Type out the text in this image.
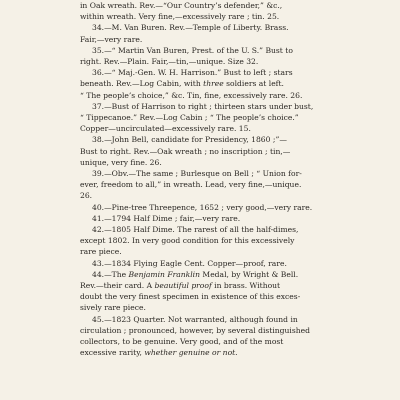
in Oak wreath. Rev.—“Our Country’s defender,” &c.,

within wreath. Very fine,—excessively rare ; tin. 25.

34.—M. Van Buren. Rev.—Temple of Liberty. Brass.

Fair,—very rare.

35.—“ Martin Van Buren, Prest. of the U. S.” Bust to

right. Rev.—Plain. Fair,—tin,—unique. Size 32.

36.—“ Maj.-Gen. W. H. Harrison.” Bust to left ; stars

beneath. Rev.—Log Cabin, with three soldiers at left.

“ The people’s choice,” &c. Tin, fine, excessively rare. 26.

37.—Bust of Harrison to right ; thirteen stars under bust,

“ Tippecanoe.” Rev.—Log Cabin ; “ The people’s choice.”

Copper—uncirculated—excessively rare. 15.

38.—John Bell, candidate for Presidency, 1860 ;”—

Bust to right. Rev.—Oak wreath ; no inscription ; tin,—

unique, very fine. 26.

39.—Obv.—The same ; Burlesque on Bell ; “ Union for-

ever, freedom to all,” in wreath. Lead, very fine,—unique.

26.

40.—Pine-tree Threepence, 1652 ; very good,—very rare.

41.—1794 Half Dime ; fair,—very rare.

42.—1805 Half Dime. The rarest of all the half-dimes,

except 1802. In very good condition for this excessively

rare piece.

43.—1834 Flying Eagle Cent. Copper—proof, rare.

44.—The Benjamin Franklin Medal, by Wright & Bell.

Rev.—their card. A beautiful proof in brass. Without

doubt the very finest specimen in existence of this exces-

sively rare piece.

45.—1823 Quarter. Not warranted, although found in

circulation ; pronounced, however, by several distinguished

collectors, to be genuine. Very good, and of the most

excessive rarity, whether genuine or not.
